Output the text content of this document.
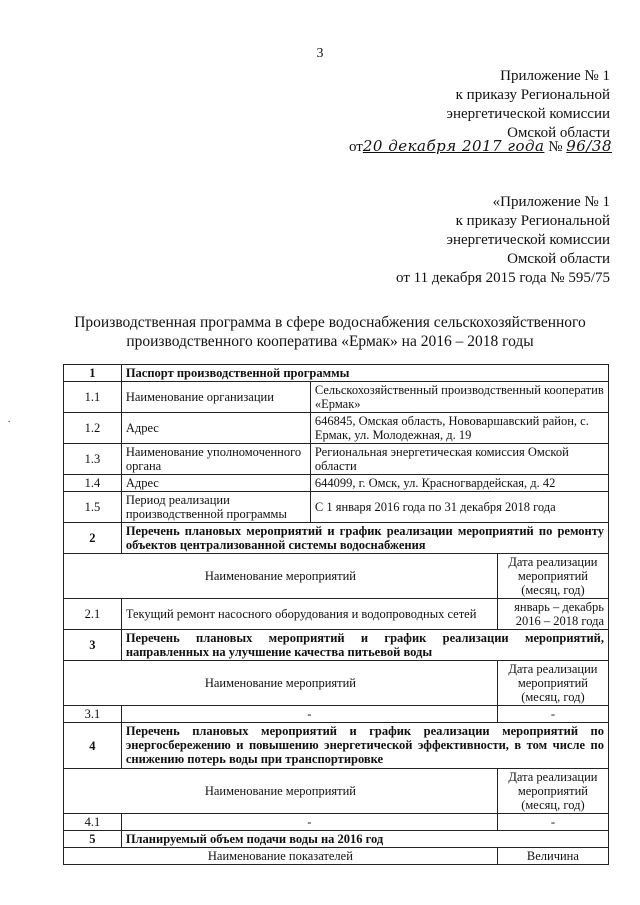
3
Приложение № 1
к приказу Региональной
энергетической комиссии
Омской области
от20 декабря 2017 года № 96/38
«Приложение № 1
к приказу Региональной
энергетической комиссии
Омской области
от 11 декабря 2015 года № 595/75
Производственная программа в сфере водоснабжения сельскохозяйственного производственного кооператива «Ермак» на 2016 – 2018 годы
.
1	Паспорт производственной программы		
1.1	Наименование организации	Сельскохозяйственный производственный кооператив «Ермак»	
1.2	Адрес	646845, Омская область, Нововаршавский район, с. Ермак, ул. Молодежная, д. 19	
1.3	Наименование уполномоченного органа	Региональная энергетическая комиссия Омской области	
1.4	Адрес	644099, г. Омск, ул. Красногвардейская, д. 42	
1.5	Период реализации производственной программы	С 1 января 2016 года по 31 декабря 2018 года	
2	Перечень плановых мероприятий и график реализации мероприятий по ремонту объектов централизованной системы водоснабжения		
Наименование мероприятий			Дата реализации мероприятий (месяц, год)
2.1	Текущий ремонт насосного оборудования и водопроводных сетей		январь – декабрь 2016 – 2018 года
3	Перечень плановых мероприятий и график реализации мероприятий, направленных на улучшение качества питьевой воды		
Наименование мероприятий			Дата реализации мероприятий (месяц, год)
3.1	-		-
4	Перечень плановых мероприятий и график реализации мероприятий по энергосбережению и повышению энергетической эффективности, в том числе по снижению потерь воды при транспортировке		
Наименование мероприятий			Дата реализации мероприятий (месяц, год)
4.1	-		-
5	Планируемый объем подачи воды на 2016 год		
Наименование показателей			Величина
